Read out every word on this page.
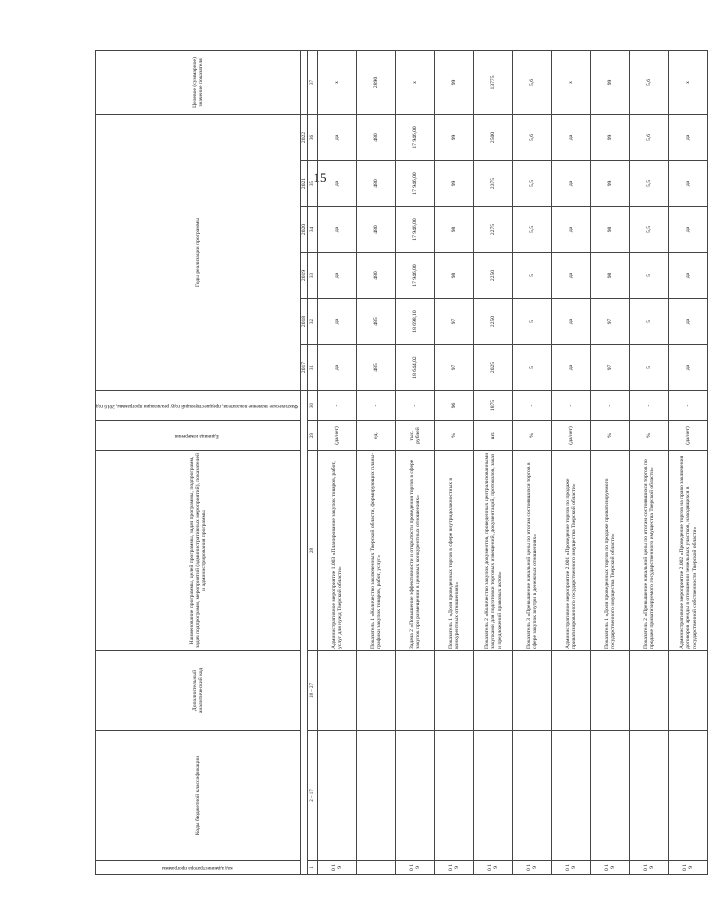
15
код администратора программы	Коды бюджетной классификации	Дополнительный аналитический код	Наименование программы, целей программы, задач программы, подпрограмм, задач подпрограмм, мероприятий (административных мероприятий), показателей и администрирования программы	Единица измерения	Фактическое значение показателя, предшествующий году реализации программы, 2016 год	Годы реализации программы						Целевое (суммарное) значение показателя
						2017	2018	2019	2020	2021	2022	
1	2 – 17	18 – 27	28	29	30	31	32	33	34	35	36	37
0 1 9			Административное мероприятие 1.003 «Планирование закупок товаров, работ, услуг для нужд Тверской области»	(да/нет)	-	да	да	да	да	да	да	х
			Показатель 1 «Количество заключенных Тверской области, формирующих планы-графики закупок товаров, работ, услуг»	ед.	-	485	485	480	480	480	480	2890
0 1 9			Задача 2 «Повышение эффективности и открытости проведения торгов в сфере закупок при размещении в ценовых конкурентных отношениях»	тыс. рублей	-	18 644,02	18 698,10	17 946,00	17 946,00	17 946,00	17 946,00	х
0 1 9			Показатель 1 «Доля проведенных торгов в сфере внутридолжностных в конкурентных отношениях»	%	96	97	97	98	98	99	99	99
0 1 9			Показатель 2 «Количество закупок документов, проведенных централизованными закупками для подготовки торговых извещений, документаций, протоколов, заказ и предложений правовых актов»	шт.	1875	2025	2250	2250	2275	2375	2500	13775
0 1 9			Показатель 3 «Превышение начальной цены по итогам состоявшихся торгов в сфере закупок внутри в денежных отношениях»	%	-	5	5	5	5,5	5,5	5,6	5,6
0 1 9			Административное мероприятие 2.001 «Проведение торгов по продаже приватизированного государственного имущества Тверской области»	(да/нет)	-	да	да	да	да	да	да	х
0 1 9			Показатель 1 «Доля проведенных торгов по продаже приватизируемого государственного имущества Тверской области»	%	-	97	97	98	98	99	99	99
0 1 9			Показатель 2 «Превышение начальной цены по итогам состоявшихся торгов по продаже приватизируемого государственного имущества Тверской области»	%	-	5	5	5	5,5	5,5	5,6	5,6
0 1 9			Административное мероприятие 2.002 «Проведение торгов на право заключения договоров аренды в отношении земельных участков, находящихся в государственной собственности Тверской области»	(да/нет)	-	да	да	да	да	да	да	х
